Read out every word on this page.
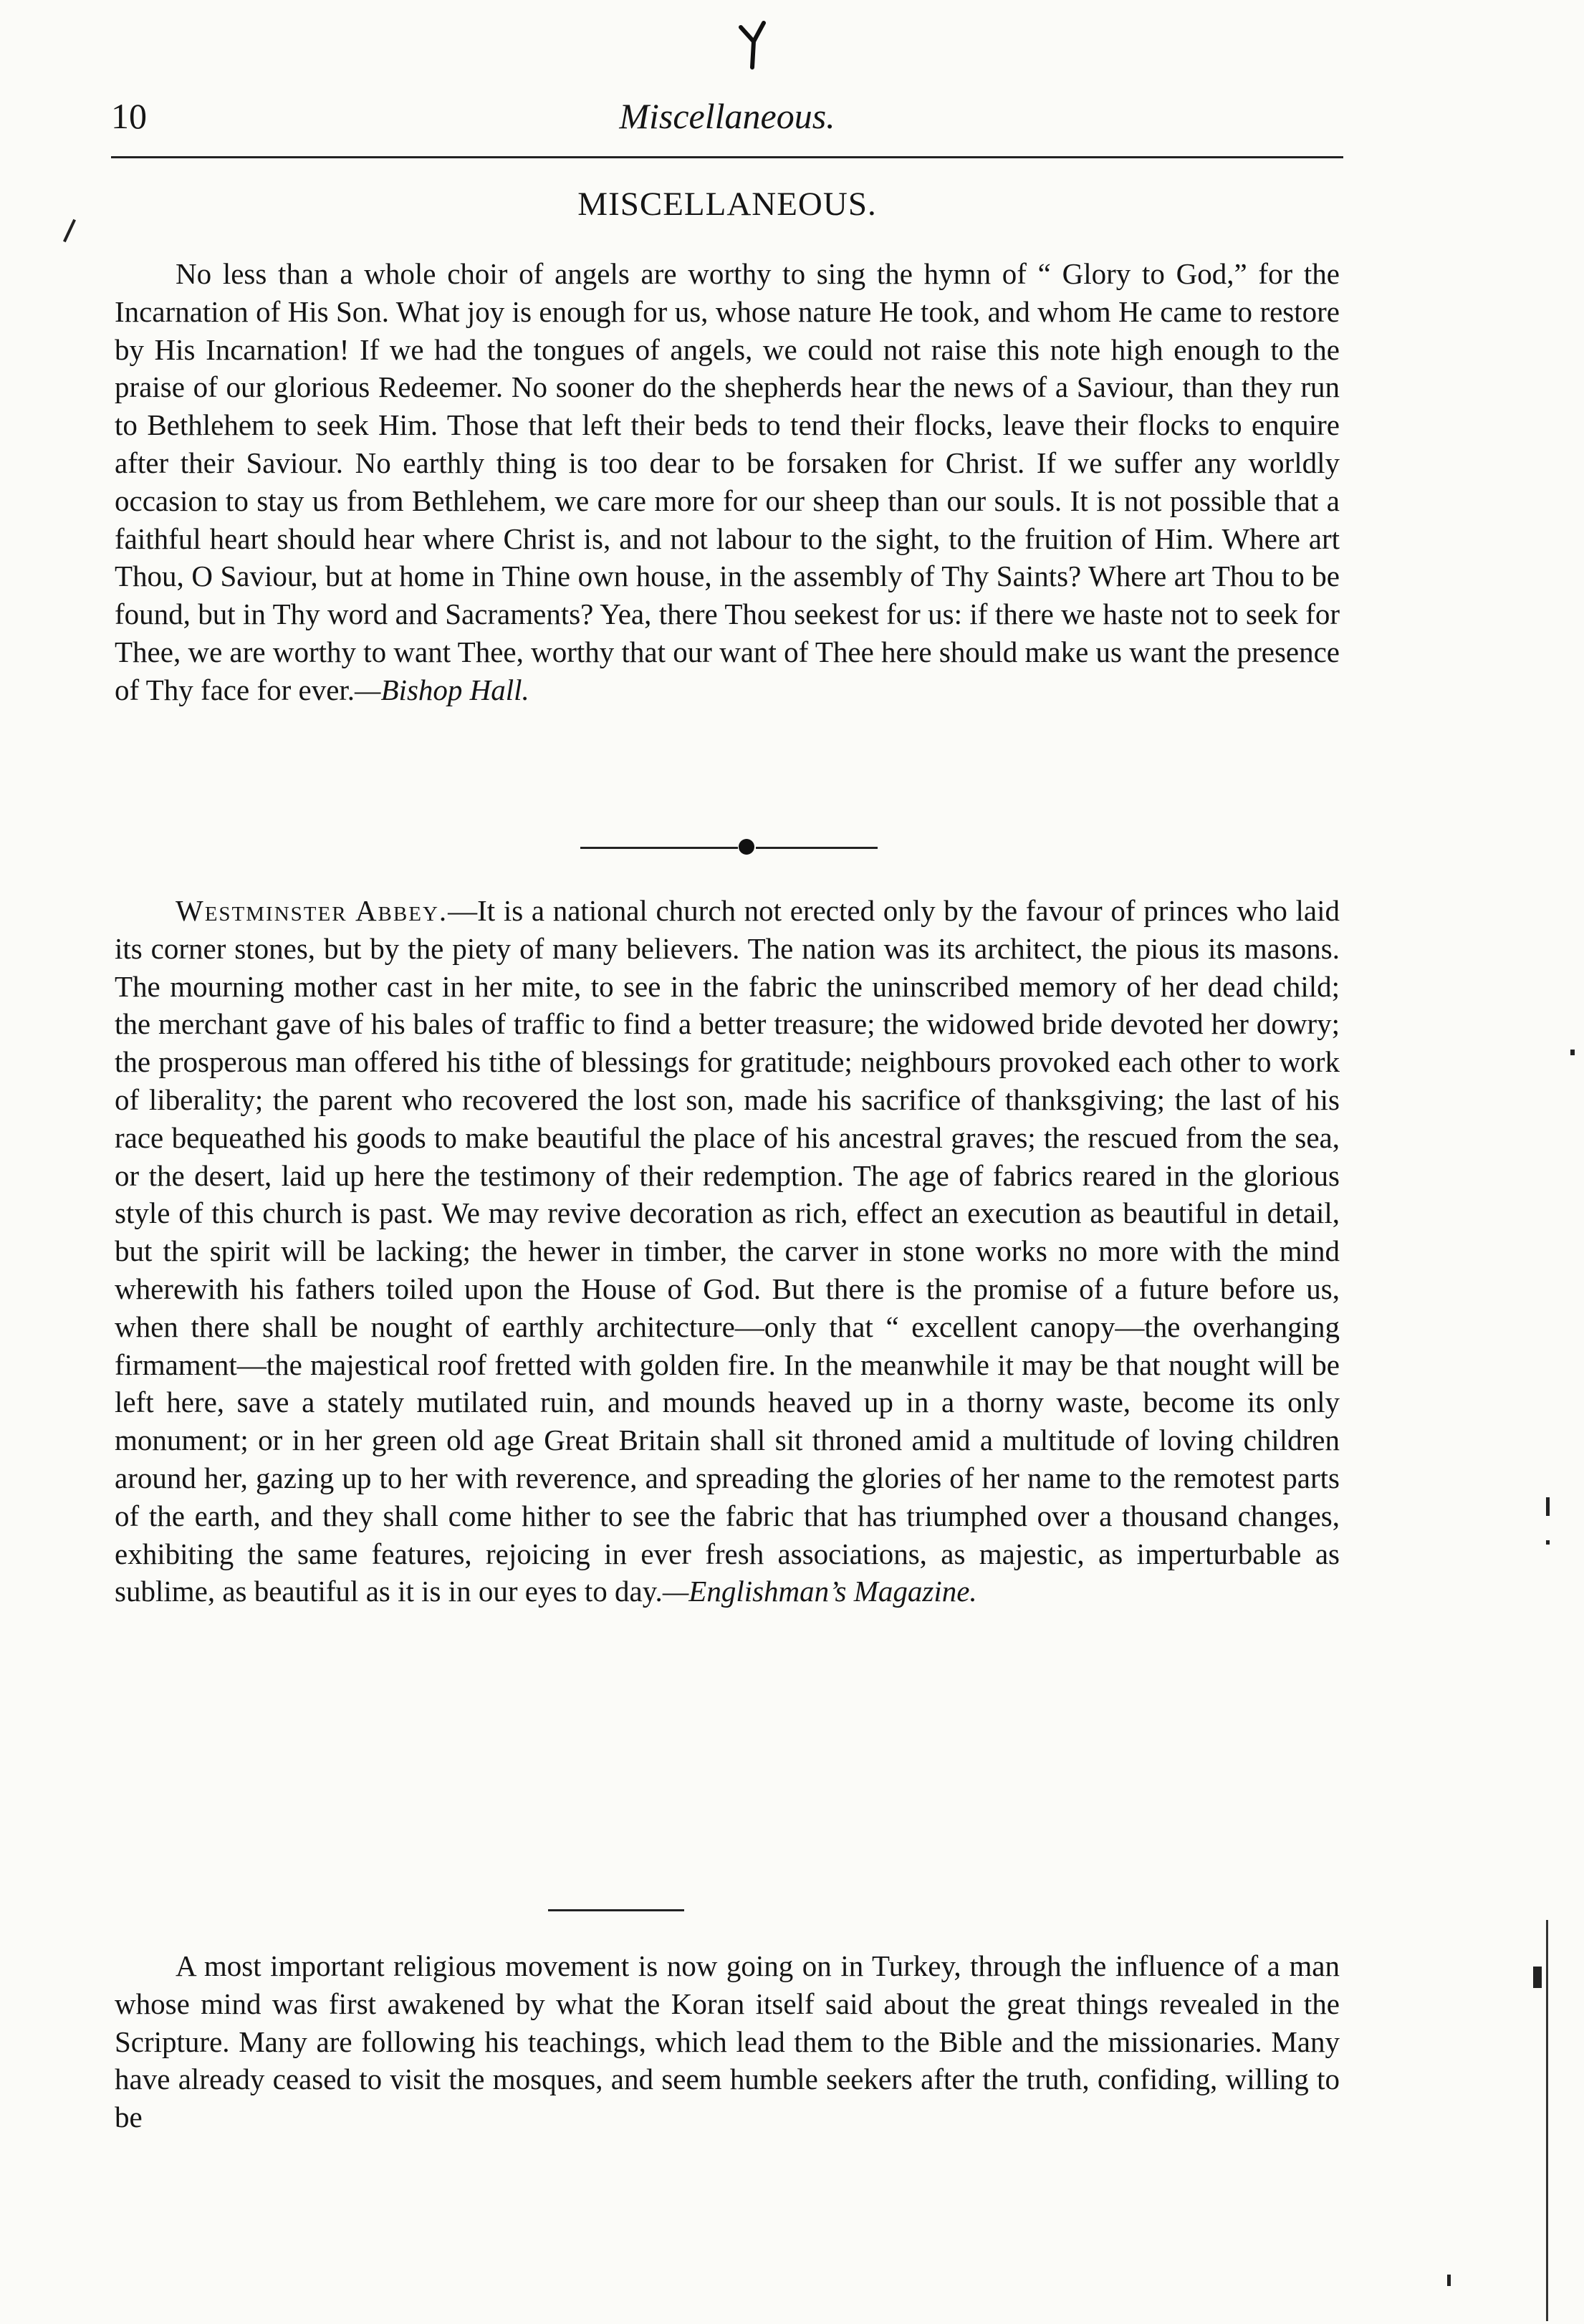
10	Miscellaneous.
MISCELLANEOUS.

No less than a whole choir of angels are worthy to sing the hymn of “ Glory to God,” for the Incarnation of His Son. What joy is enough for us, whose nature He took, and whom He came to restore by His Incarnation! If we had the tongues of angels, we could not raise this note high enough to the praise of our glorious Redeemer. No sooner do the shepherds hear the news of a Saviour, than they run to Bethlehem to seek Him. Those that left their beds to tend their flocks, leave their flocks to enquire after their Saviour. No earthly thing is too dear to be forsaken for Christ. If we suffer any worldly occasion to stay us from Bethlehem, we care more for our sheep than our souls. It is not possible that a faithful heart should hear where Christ is, and not labour to the sight, to the fruition of Him. Where art Thou, O Saviour, but at home in Thine own house, in the assembly of Thy Saints? Where art Thou to be found, but in Thy word and Sacraments? Yea, there Thou seekest for us: if there we haste not to seek for Thee, we are worthy to want Thee, worthy that our want of Thee here should make us want the presence of Thy face for ever.—Bishop Hall.

Westminster Abbey.—It is a national church not erected only by the favour of princes who laid its corner stones, but by the piety of many believers. The nation was its architect, the pious its masons. The mourning mother cast in her mite, to see in the fabric the uninscribed memory of her dead child; the merchant gave of his bales of traffic to find a better treasure; the widowed bride devoted her dowry; the prosperous man offered his tithe of blessings for gratitude; neighbours provoked each other to work of liberality; the parent who recovered the lost son, made his sacrifice of thanksgiving; the last of his race bequeathed his goods to make beautiful the place of his ancestral graves; the rescued from the sea, or the desert, laid up here the testimony of their redemption. The age of fabrics reared in the glorious style of this church is past. We may revive decoration as rich, effect an execution as beautiful in detail, but the spirit will be lacking; the hewer in timber, the carver in stone works no more with the mind wherewith his fathers toiled upon the House of God. But there is the promise of a future before us, when there shall be nought of earthly architecture—only that “ excellent canopy—the overhanging firmament—the majestical roof fretted with golden fire. In the meanwhile it may be that nought will be left here, save a stately mutilated ruin, and mounds heaved up in a thorny waste, become its only monument; or in her green old age Great Britain shall sit throned amid a multitude of loving children around her, gazing up to her with reverence, and spreading the glories of her name to the remotest parts of the earth, and they shall come hither to see the fabric that has triumphed over a thousand changes, exhibiting the same features, rejoicing in ever fresh associations, as majestic, as imperturbable as sublime, as beautiful as it is in our eyes to day.—Englishman’s Magazine.

A most important religious movement is now going on in Turkey, through the influence of a man whose mind was first awakened by what the Koran itself said about the great things revealed in the Scripture. Many are following his teachings, which lead them to the Bible and the missionaries. Many have already ceased to visit the mosques, and seem humble seekers after the truth, confiding, willing to be
